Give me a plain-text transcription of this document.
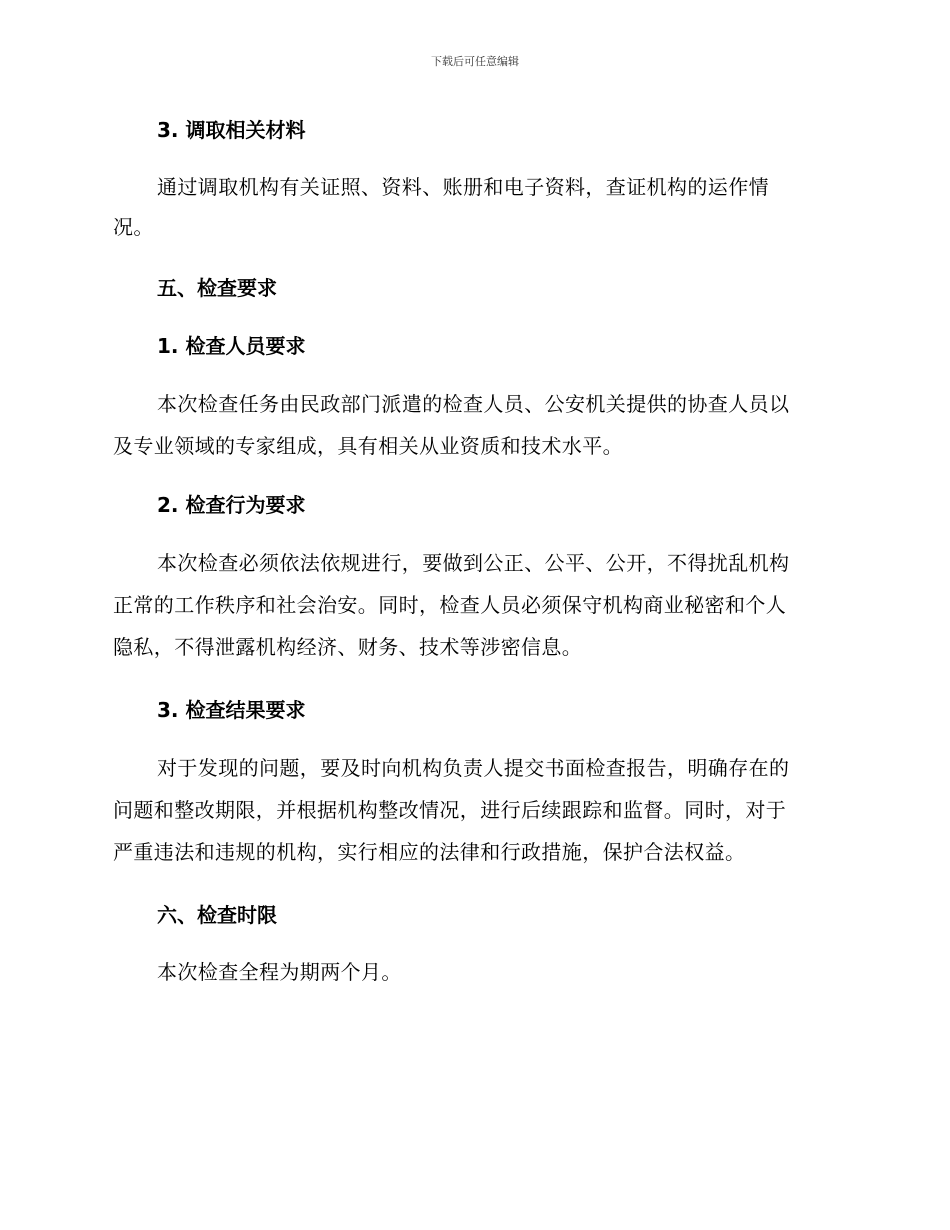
下载后可任意编辑
3. 调取相关材料
通过调取机构有关证照、资料、账册和电子资料，查证机构的运作情
况。
五、检查要求
1. 检查人员要求
本次检查任务由民政部门派遣的检查人员、公安机关提供的协查人员以
及专业领域的专家组成，具有相关从业资质和技术水平。
2. 检查行为要求
本次检查必须依法依规进行，要做到公正、公平、公开，不得扰乱机构
正常的工作秩序和社会治安。同时，检查人员必须保守机构商业秘密和个人
隐私，不得泄露机构经济、财务、技术等涉密信息。
3. 检查结果要求
对于发现的问题，要及时向机构负责人提交书面检查报告，明确存在的
问题和整改期限，并根据机构整改情况，进行后续跟踪和监督。同时，对于
严重违法和违规的机构，实行相应的法律和行政措施，保护合法权益。
六、检查时限
本次检查全程为期两个月。
